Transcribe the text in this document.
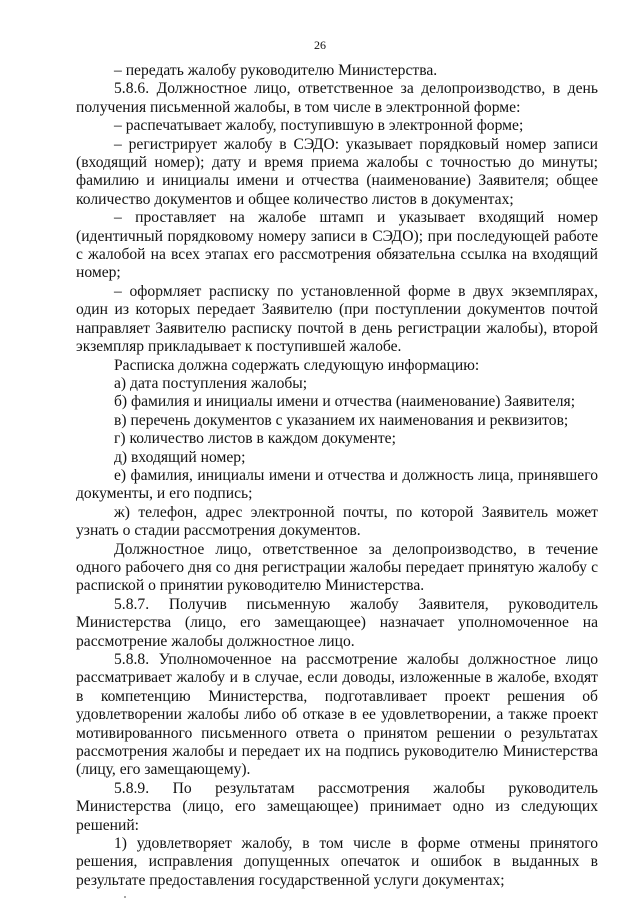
26

– передать жалобу руководителю Министерства.

5.8.6. Должностное лицо, ответственное за делопроизводство, в день получения письменной жалобы, в том числе в электронной форме:

– распечатывает жалобу, поступившую в электронной форме;

– регистрирует жалобу в СЭДО: указывает порядковый номер записи (входящий номер); дату и время приема жалобы с точностью до минуты; фамилию и инициалы имени и отчества (наименование) Заявителя; общее количество документов и общее количество листов в документах;

– проставляет на жалобе штамп и указывает входящий номер (идентичный порядковому номеру записи в СЭДО); при последующей работе с жалобой на всех этапах его рассмотрения обязательна ссылка на входящий номер;

– оформляет расписку по установленной форме в двух экземплярах, один из которых передает Заявителю (при поступлении документов почтой направляет Заявителю расписку почтой в день регистрации жалобы), второй экземпляр прикладывает к поступившей жалобе.

Расписка должна содержать следующую информацию:

а) дата поступления жалобы;

б) фамилия и инициалы имени и отчества (наименование) Заявителя;

в) перечень документов с указанием их наименования и реквизитов;

г) количество листов в каждом документе;

д) входящий номер;

е) фамилия, инициалы имени и отчества и должность лица, принявшего документы, и его подпись;

ж) телефон, адрес электронной почты, по которой Заявитель может узнать о стадии рассмотрения документов.

Должностное лицо, ответственное за делопроизводство, в течение одного рабочего дня со дня регистрации жалобы передает принятую жалобу с распиской о принятии руководителю Министерства.

5.8.7. Получив письменную жалобу Заявителя, руководитель Министерства (лицо, его замещающее) назначает уполномоченное на рассмотрение жалобы должностное лицо.

5.8.8. Уполномоченное на рассмотрение жалобы должностное лицо рассматривает жалобу и в случае, если доводы, изложенные в жалобе, входят в компетенцию Министерства, подготавливает проект решения об удовлетворении жалобы либо об отказе в ее удовлетворении, а также проект мотивированного письменного ответа о принятом решении о результатах рассмотрения жалобы и передает их на подпись руководителю Министерства (лицу, его замещающему).

5.8.9. По результатам рассмотрения жалобы руководитель Министерства (лицо, его замещающее) принимает одно из следующих решений:

1) удовлетворяет жалобу, в том числе в форме отмены принятого решения, исправления допущенных опечаток и ошибок в выданных в результате предоставления государственной услуги документах;
